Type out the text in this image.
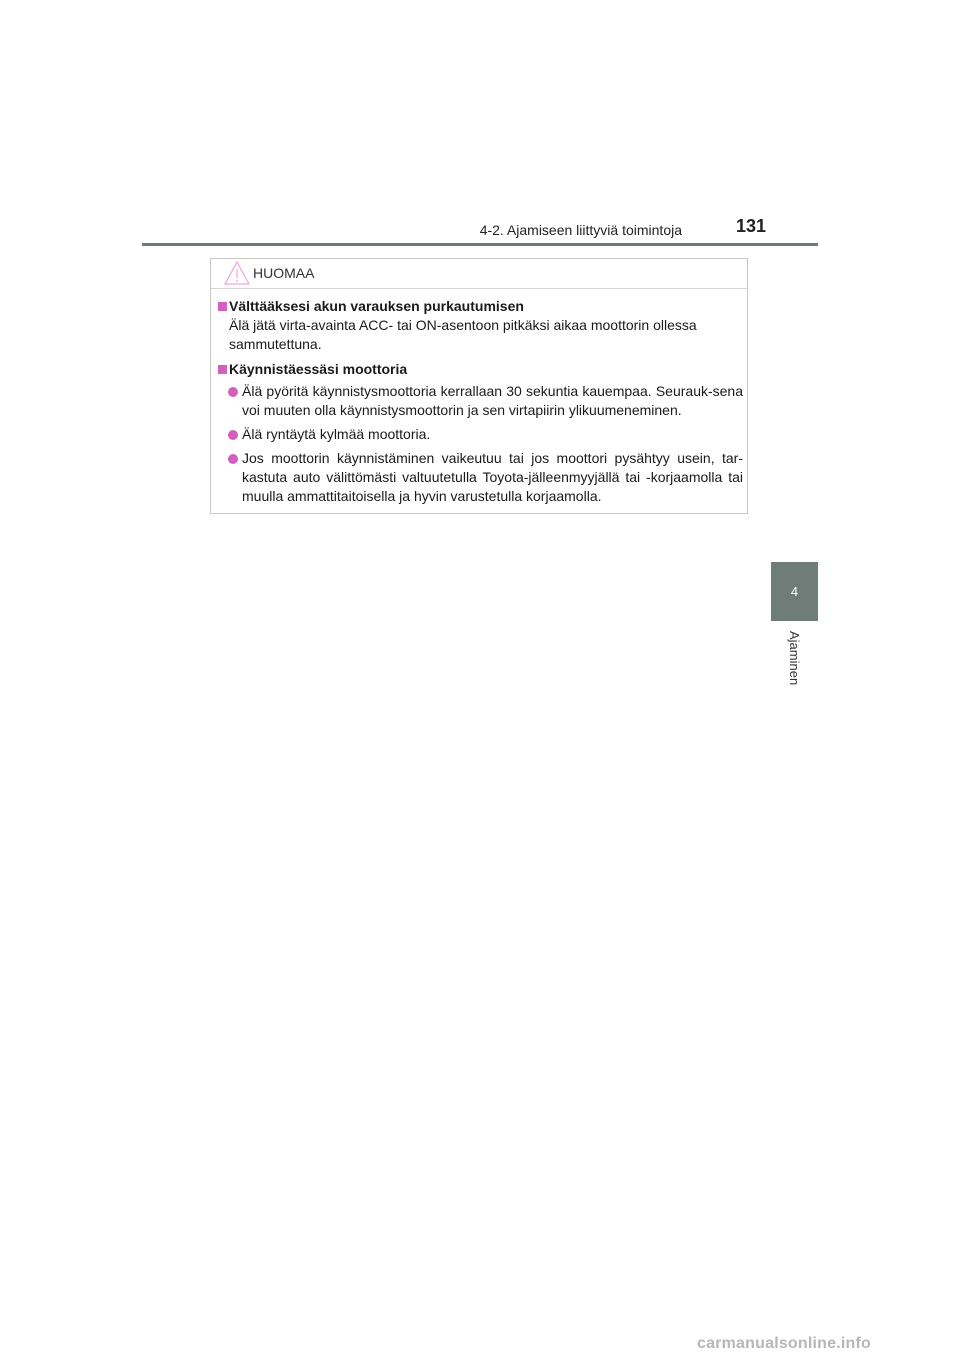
4-2. Ajamiseen liittyviä toimintoja	131
4
Ajaminen
HUOMAA
Välttääksesi akun varauksen purkautumisen
Älä jätä virta-avainta ACC- tai ON-asentoon pitkäksi aikaa moottorin ollessa sammutettuna.
Käynnistäessäsi moottoria
Älä pyöritä käynnistysmoottoria kerrallaan 30 sekuntia kauempaa. Seurauk-sena voi muuten olla käynnistysmoottorin ja sen virtapiirin ylikuumeneminen.
Älä ryntäytä kylmää moottoria.
Jos moottorin käynnistäminen vaikeutuu tai jos moottori pysähtyy usein, tar-kastuta auto välittömästi valtuutetulla Toyota-jälleenmyyjällä tai -korjaamolla tai muulla ammattitaitoisella ja hyvin varustetulla korjaamolla.
carmanualsonline.info
